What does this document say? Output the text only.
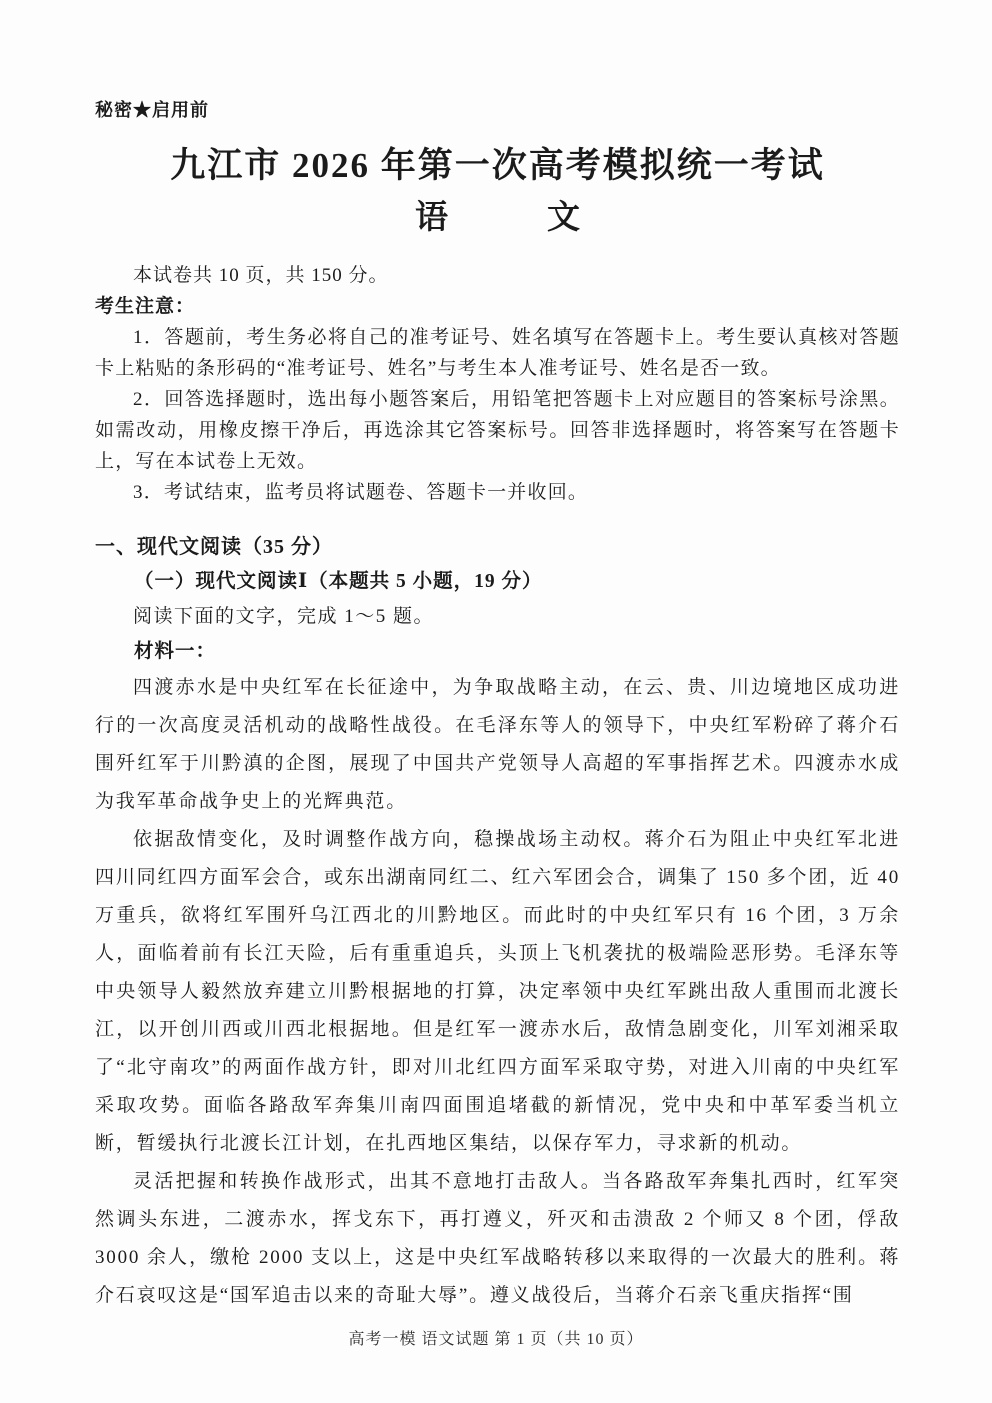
秘密★启用前
九江市 2026 年第一次高考模拟统一考试
语　　　文
本试卷共 10 页，共 150 分。
考生注意：
1．答题前，考生务必将自己的准考证号、姓名填写在答题卡上。考生要认真核对答题卡上粘贴的条形码的“准考证号、姓名”与考生本人准考证号、姓名是否一致。
2．回答选择题时，选出每小题答案后，用铅笔把答题卡上对应题目的答案标号涂黑。如需改动，用橡皮擦干净后，再选涂其它答案标号。回答非选择题时，将答案写在答题卡上，写在本试卷上无效。
3．考试结束，监考员将试题卷、答题卡一并收回。
一、现代文阅读（35 分）
（一）现代文阅读Ⅰ（本题共 5 小题，19 分）
阅读下面的文字，完成 1～5 题。
材料一：
四渡赤水是中央红军在长征途中，为争取战略主动，在云、贵、川边境地区成功进行的一次高度灵活机动的战略性战役。在毛泽东等人的领导下，中央红军粉碎了蒋介石围歼红军于川黔滇的企图，展现了中国共产党领导人高超的军事指挥艺术。四渡赤水成为我军革命战争史上的光辉典范。
依据敌情变化，及时调整作战方向，稳操战场主动权。蒋介石为阻止中央红军北进四川同红四方面军会合，或东出湖南同红二、红六军团会合，调集了 150 多个团，近 40 万重兵，欲将红军围歼乌江西北的川黔地区。而此时的中央红军只有 16 个团，3 万余人，面临着前有长江天险，后有重重追兵，头顶上飞机袭扰的极端险恶形势。毛泽东等中央领导人毅然放弃建立川黔根据地的打算，决定率领中央红军跳出敌人重围而北渡长江，以开创川西或川西北根据地。但是红军一渡赤水后，敌情急剧变化，川军刘湘采取了“北守南攻”的两面作战方针，即对川北红四方面军采取守势，对进入川南的中央红军采取攻势。面临各路敌军奔集川南四面围追堵截的新情况，党中央和中革军委当机立断，暂缓执行北渡长江计划，在扎西地区集结，以保存军力，寻求新的机动。
灵活把握和转换作战形式，出其不意地打击敌人。当各路敌军奔集扎西时，红军突然调头东进，二渡赤水，挥戈东下，再打遵义，歼灭和击溃敌 2 个师又 8 个团，俘敌 3000 余人，缴枪 2000 支以上，这是中央红军战略转移以来取得的一次最大的胜利。蒋介石哀叹这是“国军追击以来的奇耻大辱”。遵义战役后，当蒋介石亲飞重庆指挥“围
高考一模 语文试题 第 1 页（共 10 页）
